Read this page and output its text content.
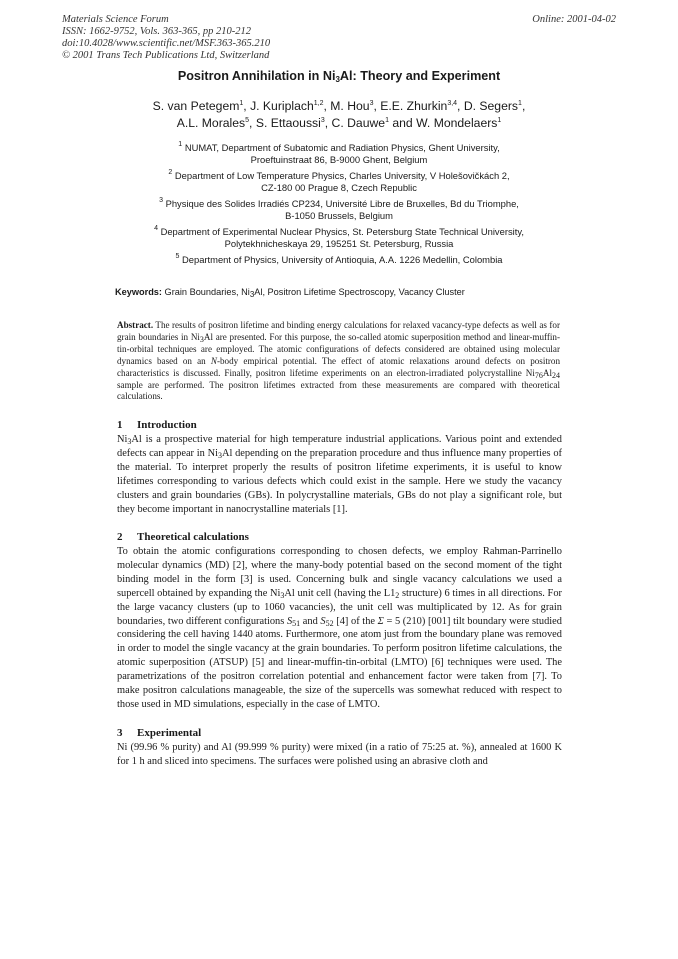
Materials Science Forum
ISSN: 1662-9752, Vols. 363-365, pp 210-212
doi:10.4028/www.scientific.net/MSF.363-365.210
© 2001 Trans Tech Publications Ltd, Switzerland
Online: 2001-04-02
Positron Annihilation in $Ni_3Al$: Theory and Experiment
S. van Petegem$^1$, J. Kuriplach$^{1,2}$, M. Hou$^3$, E.E. Zhurkin$^{3,4}$, D. Segers$^1$,
A.L. Morales$^5$, S. Ettaoussi$^3$, C. Dauwe$^1$ and W. Mondelaers$^1$
$^1$ NUMAT, Department of Subatomic and Radiation Physics, Ghent University,
Proeftuinstraat 86, B-9000 Ghent, Belgium
$^2$ Department of Low Temperature Physics, Charles University, V Holešovičkách 2,
CZ-180 00 Prague 8, Czech Republic
$^3$ Physique des Solides Irradiés CP234, Université Libre de Bruxelles, Bd du Triomphe,
B-1050 Brussels, Belgium
$^4$ Department of Experimental Nuclear Physics, St. Petersburg State Technical University,
Polytekhnicheskaya 29, 195251 St. Petersburg, Russia
$^5$ Department of Physics, University of Antioquia, A.A. 1226 Medellin, Colombia
Keywords: Grain Boundaries, Ni3Al, Positron Lifetime Spectroscopy, Vacancy Cluster
Abstract. The results of positron lifetime and binding energy calculations for relaxed vacancy-type defects as well as for grain boundaries in Ni3Al are presented. For this purpose, the so-called atomic superposition method and linear-muffin-tin-orbital techniques are employed. The atomic configurations of defects considered are obtained using molecular dynamics based on an N-body empirical potential. The effect of atomic relaxations around defects on positron characteristics is discussed. Finally, positron lifetime experiments on an electron-irradiated polycrystalline Ni76Al24 sample are performed. The positron lifetimes extracted from these measurements are compared with theoretical calculations.
1 Introduction
$Ni_3Al$ is a prospective material for high temperature industrial applications. Various point and extended defects can appear in $Ni_3Al$ depending on the preparation procedure and thus influence many properties of the material. To interpret properly the results of positron lifetime experiments, it is useful to know lifetimes corresponding to various defects which could exist in the sample. Here we study the vacancy clusters and grain boundaries (GBs). In polycrystalline materials, GBs do not play a significant role, but they become important in nanocrystalline materials [1].
2 Theoretical calculations
To obtain the atomic configurations corresponding to chosen defects, we employ Rahman-Parrinello molecular dynamics (MD) [2], where the many-body potential based on the second moment of the tight binding model in the form [3] is used. Concerning bulk and single vacancy calculations we used a supercell obtained by expanding the $Ni_3Al$ unit cell (having the $L1_2$ structure) 6 times in all directions. For the large vacancy clusters (up to 1060 vacancies), the unit cell was multiplicated by 12. As for grain boundaries, two different configurations $S_{51}$ and $S_{52}$ [4] of the Σ = 5 (210) [001] tilt boundary were studied considering the cell having 1440 atoms. Furthermore, one atom just from the boundary plane was removed in order to model the single vacancy at the grain boundaries. To perform positron lifetime calculations, the atomic superposition (ATSUP) [5] and linear-muffin-tin-orbital (LMTO) [6] techniques were used. The parametrizations of the positron correlation potential and enhancement factor were taken from [7]. To make positron calculations manageable, the size of the supercells was somewhat reduced with respect to those used in MD simulations, especially in the case of LMTO.
3 Experimental
Ni (99.96 % purity) and Al (99.999 % purity) were mixed (in a ratio of 75:25 at. %), annealed at 1600 K for 1 h and sliced into specimens. The surfaces were polished using an abrasive cloth and
